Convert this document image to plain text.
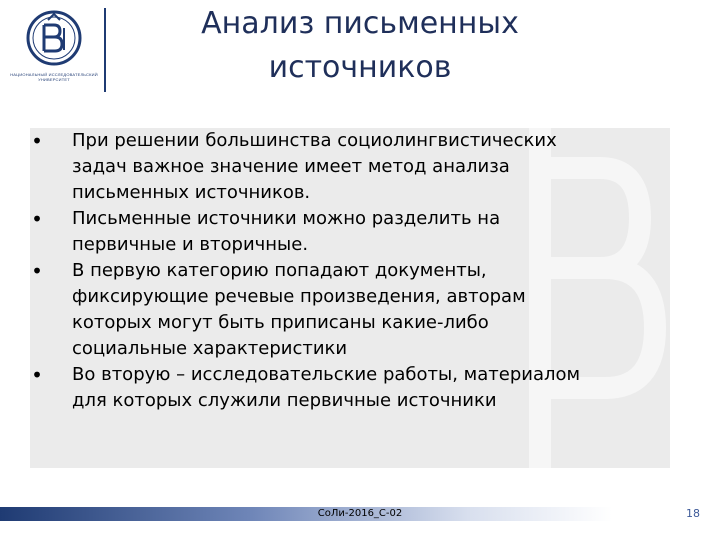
НАЦИОНАЛЬНЫЙ ИССЛЕДОВАТЕЛЬСКИЙ
УНИВЕРСИТЕТ
Анализ письменных
источников
• При решении большинства социолингвистических
задач важное значение имеет метод анализа
письменных источников.
• Письменные источники можно разделить на
первичные и вторичные.
• В первую категорию попадают документы,
фиксирующие речевые произведения, авторам
которых могут быть приписаны какие-либо
социальные характеристики
• Во вторую – исследовательские работы, материалом
для которых служили первичные источники
СоЛи-2016_С-02	18
